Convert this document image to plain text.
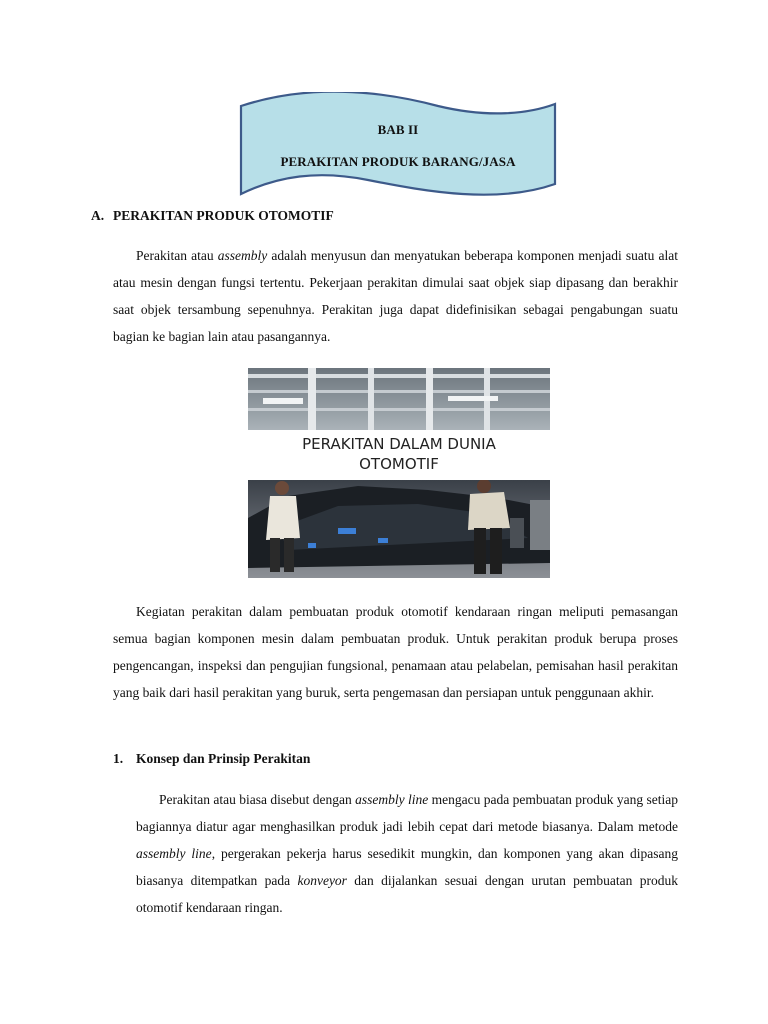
BAB II
PERAKITAN PRODUK BARANG/JASA
A. PERAKITAN PRODUK OTOMOTIF

Perakitan atau assembly adalah menyusun dan menyatukan beberapa komponen menjadi suatu alat atau mesin dengan fungsi tertentu. Pekerjaan perakitan dimulai saat objek siap dipasang dan berakhir saat objek tersambung sepenuhnya. Perakitan juga dapat didefinisikan sebagai pengabungan suatu bagian ke bagian lain atau pasangannya.

PERAKITAN DALAM DUNIA
OTOMOTIF

Kegiatan perakitan dalam pembuatan produk otomotif kendaraan ringan meliputi pemasangan semua bagian komponen mesin dalam pembuatan produk. Untuk perakitan produk berupa proses pengencangan, inspeksi dan pengujian fungsional, penamaan atau pelabelan, pemisahan hasil perakitan yang baik dari hasil perakitan yang buruk, serta pengemasan dan persiapan untuk penggunaan akhir.

1. Konsep dan Prinsip Perakitan

Perakitan atau biasa disebut dengan assembly line mengacu pada pembuatan produk yang setiap bagiannya diatur agar menghasilkan produk jadi lebih cepat dari metode biasanya. Dalam metode assembly line, pergerakan pekerja harus sesedikit mungkin, dan komponen yang akan dipasang biasanya ditempatkan pada konveyor dan dijalankan sesuai dengan urutan pembuatan produk otomotif kendaraan ringan.
